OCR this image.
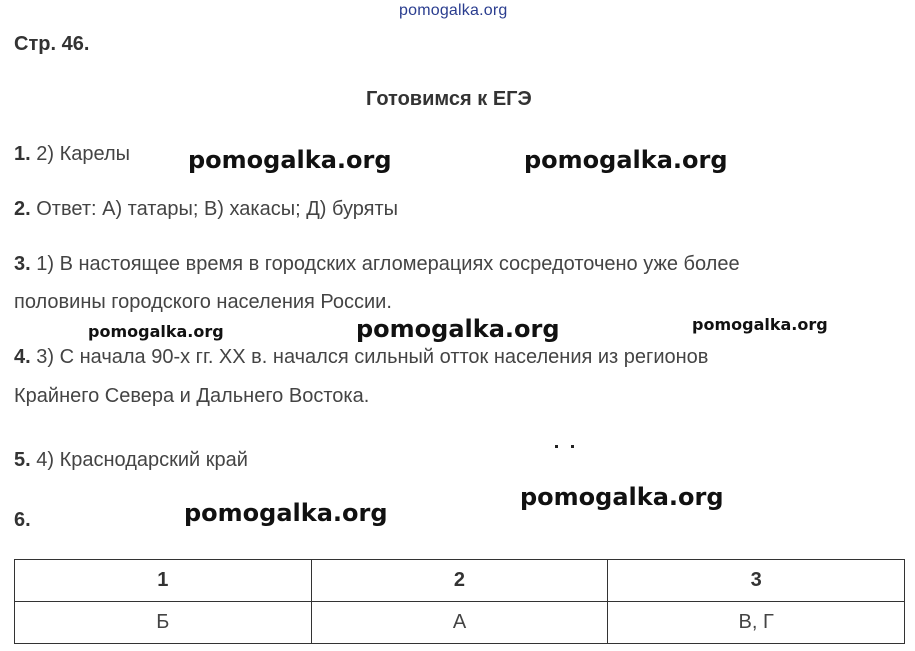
pomogalka.org
Стр. 46.
Готовимся к ЕГЭ
1. 2) Карелы
2. Ответ: А) татары; В) хакасы; Д) буряты
3. 1) В настоящее время в городских агломерациях сосредоточено уже более
половины городского населения России.
4. 3) С начала 90-х гг. XX в. начался сильный отток населения из регионов
Крайнего Севера и Дальнего Востока.
5. 4) Краснодарский край
6.
pomogalka.org	pomogalka.org
pomogalka.org	pomogalka.org	pomogalka.org
pomogalka.org
pomogalka.org
1	2	3
Б	А	В, Г
